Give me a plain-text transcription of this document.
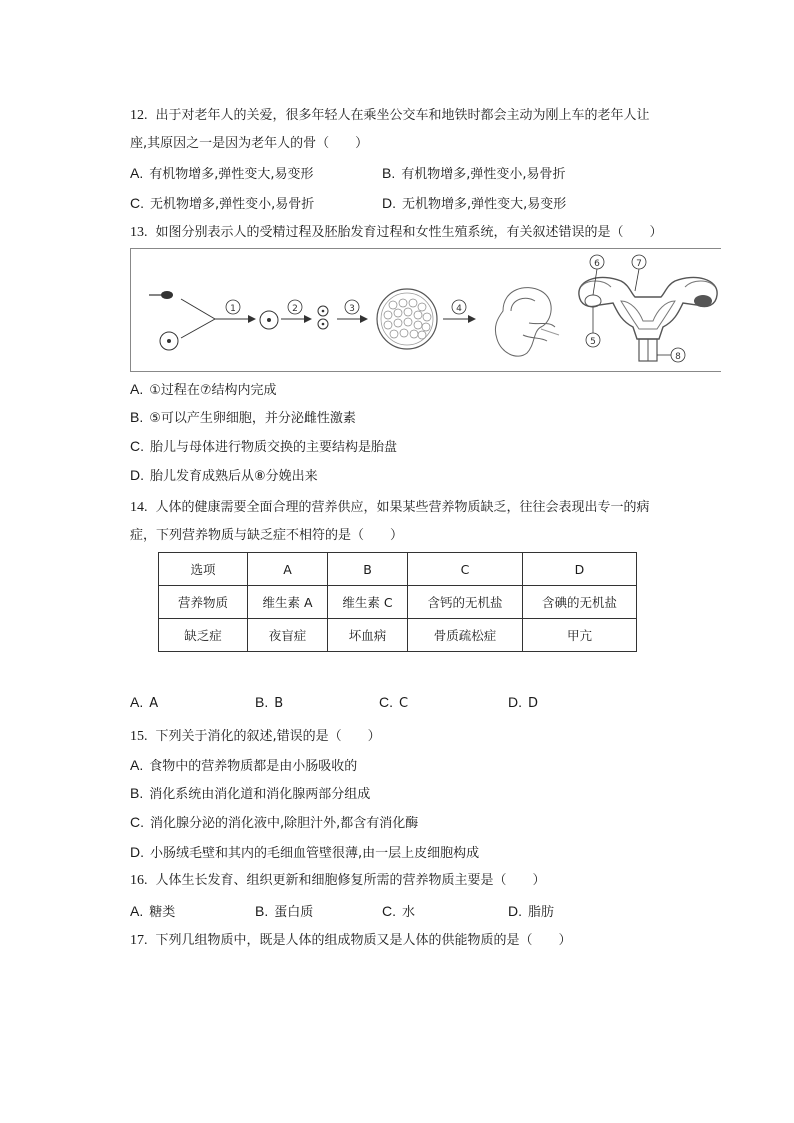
12. 出于对老年人的关爱，很多年轻人在乘坐公交车和地铁时都会主动为刚上车的老年人让
座,其原因之一是因为老年人的骨（　　）
A. 有机物增多,弹性变大,易变形	B. 有机物增多,弹性变小,易骨折
C. 无机物增多,弹性变小,易骨折	D. 无机物增多,弹性变大,易变形
13. 如图分别表示人的受精过程及胚胎发育过程和女性生殖系统，有关叙述错误的是（　　）
1	2	3	4
6	7
5
8
A. ①过程在⑦结构内完成
B. ⑤可以产生卵细胞，并分泌雌性激素
C. 胎儿与母体进行物质交换的主要结构是胎盘
D. 胎儿发育成熟后从⑧分娩出来
14. 人体的健康需要全面合理的营养供应，如果某些营养物质缺乏，往往会表现出专一的病
症，下列营养物质与缺乏症不相符的是（　　）
选项	A	B	C	D
营养物质	维生素 A	维生素 C	含钙的无机盐	含碘的无机盐
缺乏症	夜盲症	坏血病	骨质疏松症	甲亢
A. A	B. B	C. C	D. D
15. 下列关于消化的叙述,错误的是（　　）
A. 食物中的营养物质都是由小肠吸收的
B. 消化系统由消化道和消化腺两部分组成
C. 消化腺分泌的消化液中,除胆汁外,都含有消化酶
D. 小肠绒毛壁和其内的毛细血管壁很薄,由一层上皮细胞构成
16. 人体生长发育、组织更新和细胞修复所需的营养物质主要是（　　）
A. 糖类	B. 蛋白质	C. 水	D. 脂肪
17. 下列几组物质中，既是人体的组成物质又是人体的供能物质的是（　　）
